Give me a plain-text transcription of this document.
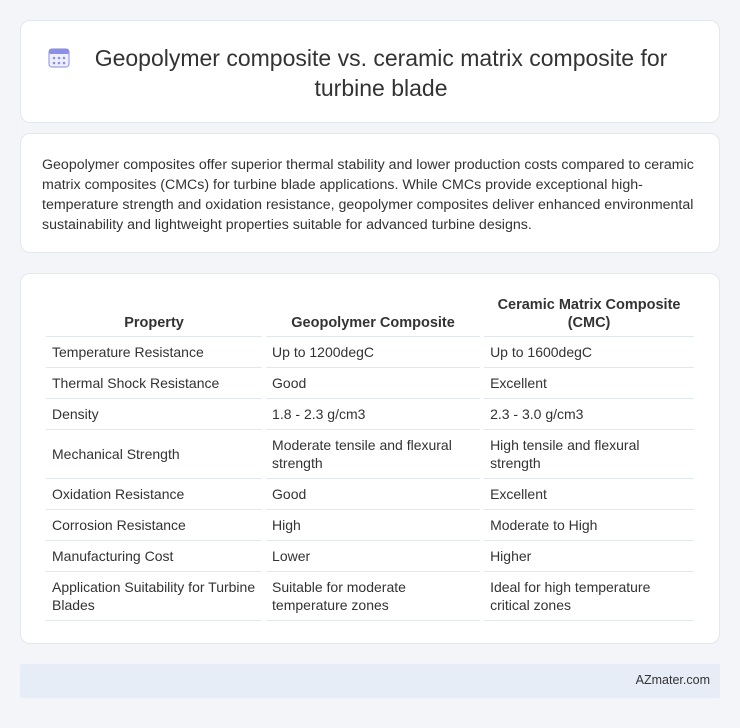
Geopolymer composite vs. ceramic matrix composite for turbine blade

Geopolymer composites offer superior thermal stability and lower production costs compared to ceramic matrix composites (CMCs) for turbine blade applications. While CMCs provide exceptional high-temperature strength and oxidation resistance, geopolymer composites deliver enhanced environmental sustainability and lightweight properties suitable for advanced turbine designs.

Property	Geopolymer Composite	Ceramic Matrix Composite (CMC)
Temperature Resistance	Up to 1200degC	Up to 1600degC
Thermal Shock Resistance	Good	Excellent
Density	1.8 - 2.3 g/cm3	2.3 - 3.0 g/cm3
Mechanical Strength	Moderate tensile and flexural strength	High tensile and flexural strength
Oxidation Resistance	Good	Excellent
Corrosion Resistance	High	Moderate to High
Manufacturing Cost	Lower	Higher
Application Suitability for Turbine Blades	Suitable for moderate temperature zones	Ideal for high temperature critical zones
AZmater.com
